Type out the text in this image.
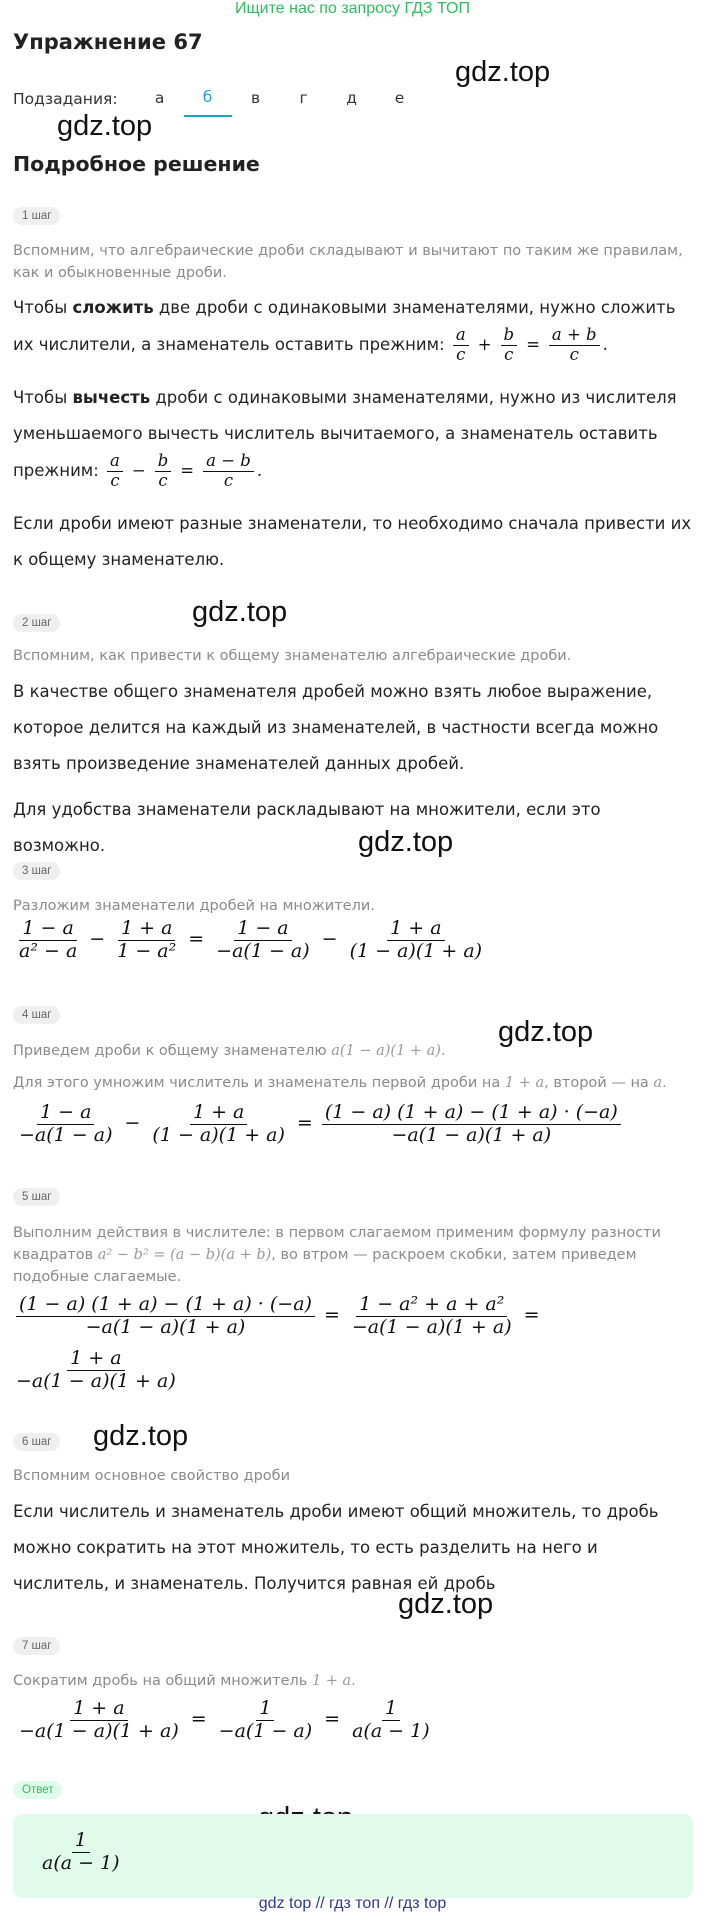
Ищите нас по запросу ГДЗ ТОП
Упражнение 67
Подзадания:	а	б	в	г	д	е
gdz.top
gdz.top
gdz.top
gdz.top
gdz.top
gdz.top
gdz.top
Подробное решение
1 шаг
Вспомним, что алгебраические дроби складывают и вычитают по таким же правилам, как и обыкновенные дроби.
Чтобы сложить две дроби с одинаковыми знаменателями, нужно сложить их числители, а знаменатель оставить прежним: $\frac{a}{c} + \frac{b}{c} = \frac{a + b}{c}$ .
Чтобы вычесть дроби с одинаковыми знаменателями, нужно из числителя уменьшаемого вычесть числитель вычитаемого, а знаменатель оставить прежним: $\frac{a}{c} - \frac{b}{c} = \frac{a - b}{c}$ .
Если дроби имеют разные знаменатели, то необходимо сначала привести их к общему знаменателю.
2 шаг
Вспомним, как привести к общему знаменателю алгебраические дроби.
В качестве общего знаменателя дробей можно взять любое выражение, которое делится на каждый из знаменателей, в частности всегда можно взять произведение знаменателей данных дробей.
Для удобства знаменатели раскладывают на множители, если это возможно.
3 шаг
Разложим знаменатели дробей на множители.
$\frac{1 - a}{\text{a² − a}} - \frac{1 + a}{\text{1 − a²}} = \frac{1 - a}{-a(1 - a)} - \frac{1 + a}{(1 - a)(1 + a)}$
4 шаг
Приведем дроби к общему знаменателю a(1 − a)(1 + a).
Для этого умножим числитель и знаменатель первой дроби на 1 + a, второй — на a.
$\frac{1 - a}{-a(1 - a)} - \frac{1 + a}{(1 - a)(1 + a)} = \frac{(1 - a) (1 + a) - (1 + a) \cdot (-a)}{-a(1 - a)(1 + a)}$
5 шаг
Выполним действия в числителе: в первом слагаемом применим формулу разности квадратов a² − b² = (a − b)(a + b), во втром — раскроем скобки, затем приведем подобные слагаемые.
$\frac{(1 - a) (1 + a) - (1 + a) \cdot (-a)}{-a(1 - a)(1 + a)} = \frac{\text{1 − a² + a + a²}}{-a(1 - a)(1 + a)}$ =
$\frac{1 + a}{-a(1 - a)(1 + a)}$
6 шаг
Вспомним основное свойство дроби
Если числитель и знаменатель дроби имеют общий множитель, то дробь можно сократить на этот множитель, то есть разделить на него и числитель, и знаменатель. Получится равная ей дробь
7 шаг
Сократим дробь на общий множитель 1 + a.
$\frac{1 + a}{-a(1 - a)(1 + a)} = \frac{1}{-a(1 - a)} = \frac{1}{a(a - 1)}$
Ответ
$\frac{1}{a(a - 1)}$
gdz top // гдз топ // гдз top
